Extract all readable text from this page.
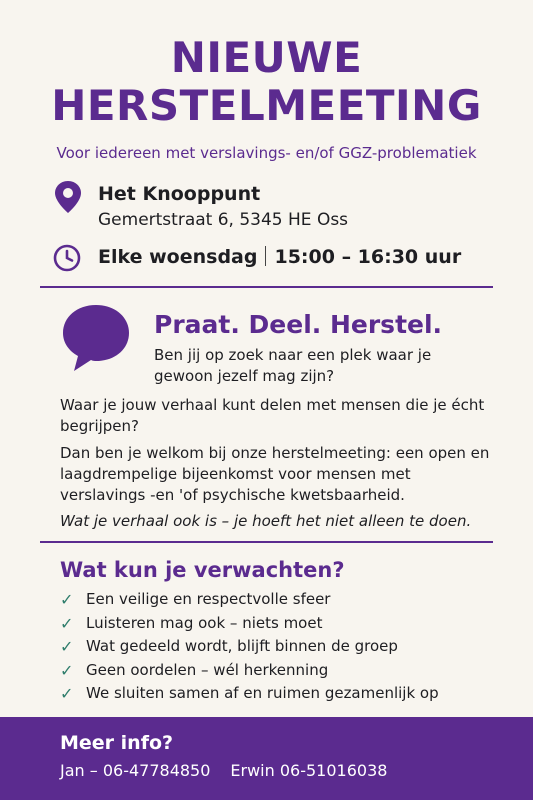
NIEUWE
HERSTELMEETING
Voor iedereen met verslavings- en/of GGZ-problematiek
Het Knooppunt
Gemertstraat 6, 5345 HE Oss
Elke woensdag 15:00 – 16:30 uur
Praat. Deel. Herstel.
Ben jij op zoek naar een plek waar je gewoon jezelf mag zijn?
Waar je jouw verhaal kunt delen met mensen die je écht begrijpen?
Dan ben je welkom bij onze herstelmeeting: een open en laagdrempelige bijeenkomst voor mensen met verslavings -en 'of psychische kwetsbaarheid.
Wat je verhaal ook is – je hoeft het niet alleen te doen.
Wat kun je verwachten?
✓ Een veilige en respectvolle sfeer
✓ Luisteren mag ook – niets moet
✓ Wat gedeeld wordt, blijft binnen de groep
✓ Geen oordelen – wél herkenning
✓ We sluiten samen af en ruimen gezamenlijk op
Meer info?
Jan – 06-47784850 Erwin 06-51016038
